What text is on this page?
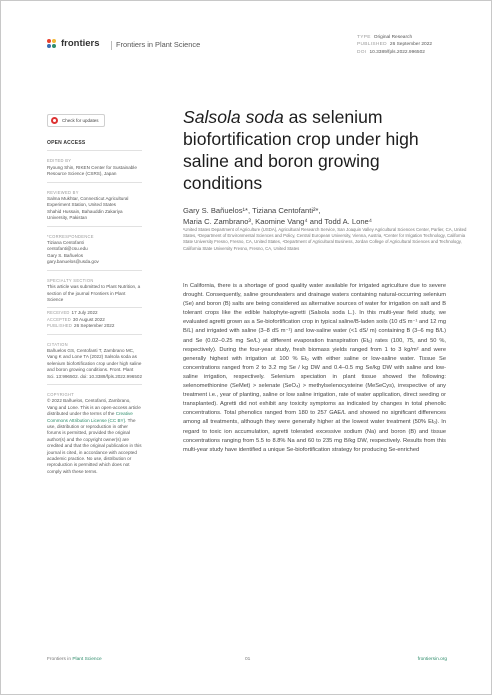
frontiers	Frontiers in Plant Science
TYPE Original Research
PUBLISHED 26 September 2022
DOI 10.3389/fpls.2022.996502
Check for updates
OPEN ACCESS
EDITED BY
Ryoung Shin, RIKEN Center for Sustainable Resource Science (CSRS), Japan
REVIEWED BY
Salma Mukhtar, Connecticut Agricultural Experiment Station, United States
Shahid Hussain, Bahauddin Zakariya University, Pakistan
*CORRESPONDENCE
Tiziana Centofanti
centofanti@csu.edu
Gary S. Bañuelos
gary.banuelos@usda.gov
SPECIALTY SECTION
This article was submitted to Plant Nutrition, a section of the journal Frontiers in Plant Science
RECEIVED 17 July 2022
ACCEPTED 30 August 2022
PUBLISHED 26 September 2022
CITATION
Bañuelos GS, Centofanti T, Zambrano MC, Vang K and Lone TA (2022) Salsola soda as selenium biofortification crop under high saline and boron growing conditions. Front. Plant Sci. 13:996502. doi: 10.3389/fpls.2022.996502
COPYRIGHT
© 2022 Bañuelos, Centofanti, Zambrano, Vang and Lone. This is an open-access article distributed under the terms of the Creative Commons Attribution License (CC BY). The use, distribution or reproduction in other forums is permitted, provided the original author(s) and the copyright owner(s) are credited and that the original publication in this journal is cited, in accordance with accepted academic practice. No use, distribution or reproduction is permitted which does not comply with these terms.
Salsola soda as selenium biofortification crop under high saline and boron growing conditions
Gary S. Bañuelos¹*, Tiziana Centofanti²*,
Maria C. Zambrano³, Kaomine Vang⁴ and Todd A. Lone⁴
¹United States Department of Agriculture (USDA), Agricultural Research Service, San Joaquin Valley Agricultural Sciences Center, Parlier, CA, United States, ²Department of Environmental Sciences and Policy, Central European University, Vienna, Austria, ³Center for Irrigation Technology, California State University Fresno, Fresno, CA, United States, ⁴Department of Agricultural Business, Jordan College of Agricultural Sciences and Technology, California State University Fresno, Fresno, CA, United States
In California, there is a shortage of good quality water available for irrigated agriculture due to severe drought. Consequently, saline groundwaters and drainage waters containing natural-occurring selenium (Se) and boron (B) salts are being considered as alternative sources of water for irrigation on salt and B tolerant crops like the edible halophyte-agretti (Salsola soda L.). In this multi-year field study, we evaluated agretti grown as a Se-biofortification crop in typical saline/B-laden soils (10 dS m⁻¹ and 12 mg B/L) and irrigated with saline (3–8 dS m⁻¹) and low-saline water (<1 dS/ m) containing B (3–6 mg B/L) and Se (0.02–0.25 mg Se/L) at different evaporation transpiration (Etₒ) rates (100, 75, and 50 %, respectively). During the four-year study, fresh biomass yields ranged from 1 to 3 kg/m² and were generally highest with irrigation at 100 % Etₒ with either saline or low-saline water. Tissue Se concentrations ranged from 2 to 3.2 mg Se / kg DW and 0.4–0.5 mg Se/kg DW with saline and low-saline irrigation, respectively. Selenium speciation in plant tissue showed the following: selenomethionine (SeMet) > selenate (SeO₄) > methylselenocysteine (MeSeCys), irrespective of any treatment i.e., year of planting, saline or low saline irrigation, rate of water application, direct seeding or transplanted). Agretti did not exhibit any toxicity symptoms as indicated by changes in total phenolic concentrations. Total phenolics ranged from 180 to 257 GAE/L and showed no significant differences among all treatments, although they were generally higher at the lowest water treatment (50% Etₒ). In regard to toxic ion accumulation, agretti tolerated excessive sodium (Na) and boron (B) and tissue concentrations ranging from 5.5 to 8.8% Na and 60 to 235 mg B/kg DW, respectively. Results from this multi-year study have identified a unique Se-biofortification strategy for producing Se-enriched
Frontiers in Plant Science	01	frontiersin.org
